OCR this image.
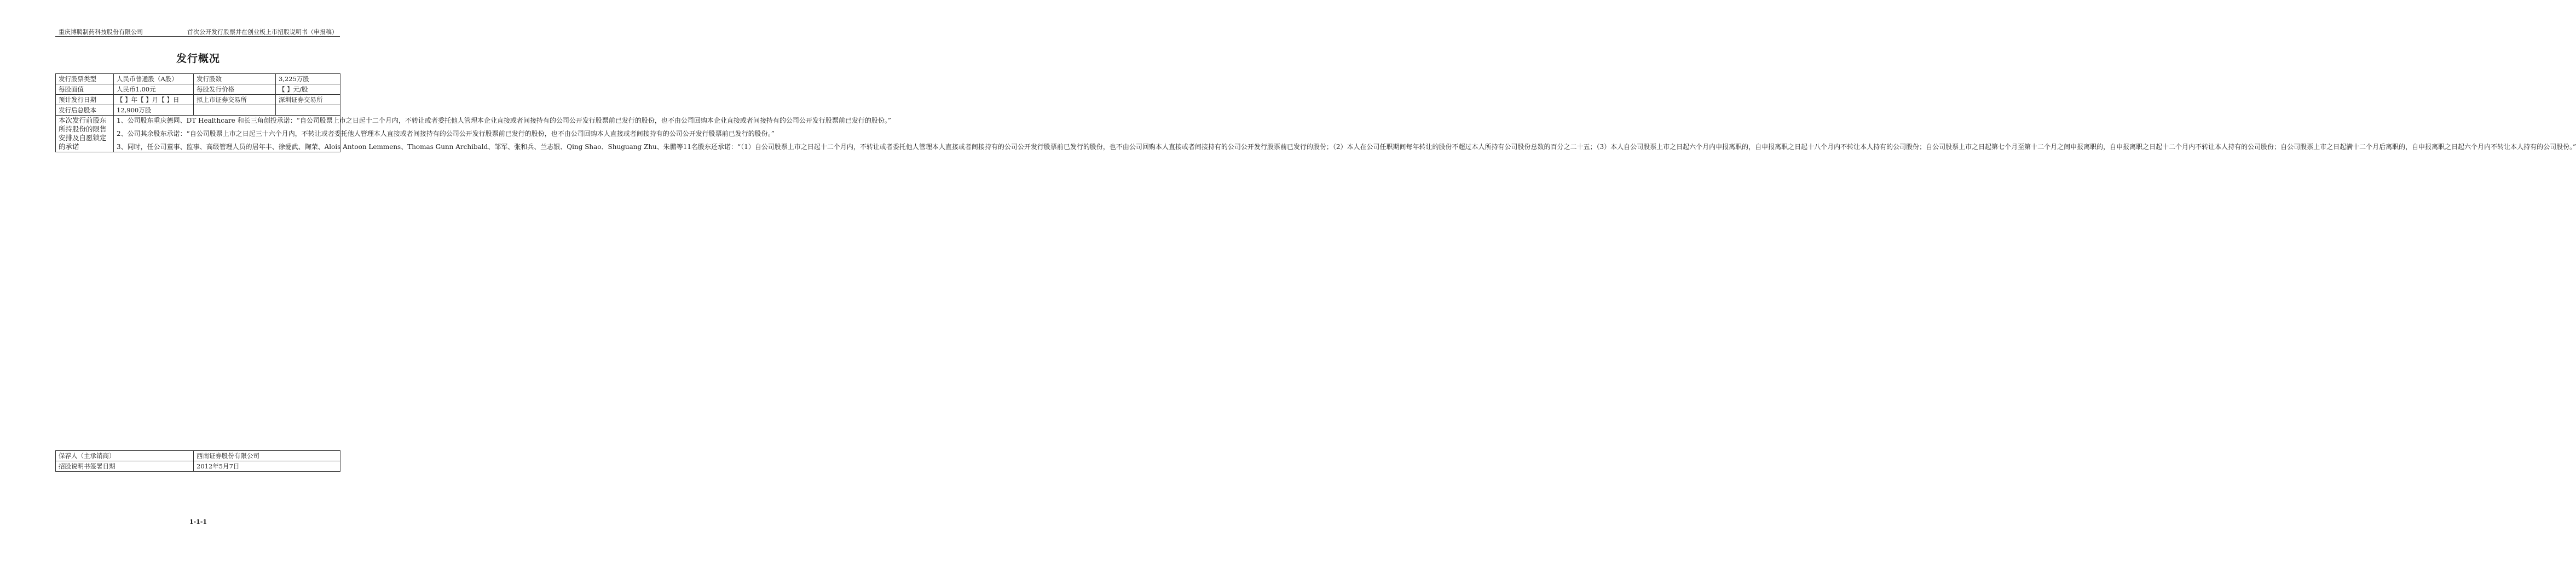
重庆博腾制药科技股份有限公司	首次公开发行股票并在创业板上市招股说明书（申报稿）
发行概况
发行股票类型	人民币普通股（A股）	发行股数	3,225万股
每股面值	人民币1.00元	每股发行价格	【 】元/股
预计发行日期	【 】年【 】月【 】日	拟上市证券交易所	深圳证券交易所
发行后总股本	12,900万股		
本次发行前股东所持股份的限售安排及自愿锁定的承诺	1、公司股东重庆德同、DT Healthcare 和长三角创投承诺：“自公司股票上市之日起十二个月内，不转让或者委托他人管理本企业直接或者间接持有的公司公开发行股票前已发行的股份，也不由公司回购本企业直接或者间接持有的公司公开发行股票前已发行的股份。”

2、公司其余股东承诺：“自公司股票上市之日起三十六个月内，不转让或者委托他人管理本人直接或者间接持有的公司公开发行股票前已发行的股份，也不由公司回购本人直接或者间接持有的公司公开发行股票前已发行的股份。”

3、同时，任公司董事、监事、高级管理人员的居年丰、徐爱武、陶荣、Alois Antoon Lemmens、Thomas Gunn Archibald、邹军、张和兵、兰志银、Qing Shao、Shuguang Zhu、朱鹏等11名股东还承诺：“（1）自公司股票上市之日起十二个月内，不转让或者委托他人管理本人直接或者间接持有的公司公开发行股票前已发行的股份，也不由公司回购本人直接或者间接持有的公司公开发行股票前已发行的股份；（2）本人在公司任职期间每年转让的股份不超过本人所持有公司股份总数的百分之二十五；（3）本人自公司股票上市之日起六个月内申报离职的，自申报离职之日起十八个月内不转让本人持有的公司股份；自公司股票上市之日起第七个月至第十二个月之间申报离职的，自申报离职之日起十二个月内不转让本人持有的公司股份；自公司股票上市之日起满十二个月后离职的，自申报离职之日起六个月内不转让本人持有的公司股份。”		

保荐人（主承销商）	西南证券股份有限公司
招股说明书签署日期	2012年5月7日
1-1-1
